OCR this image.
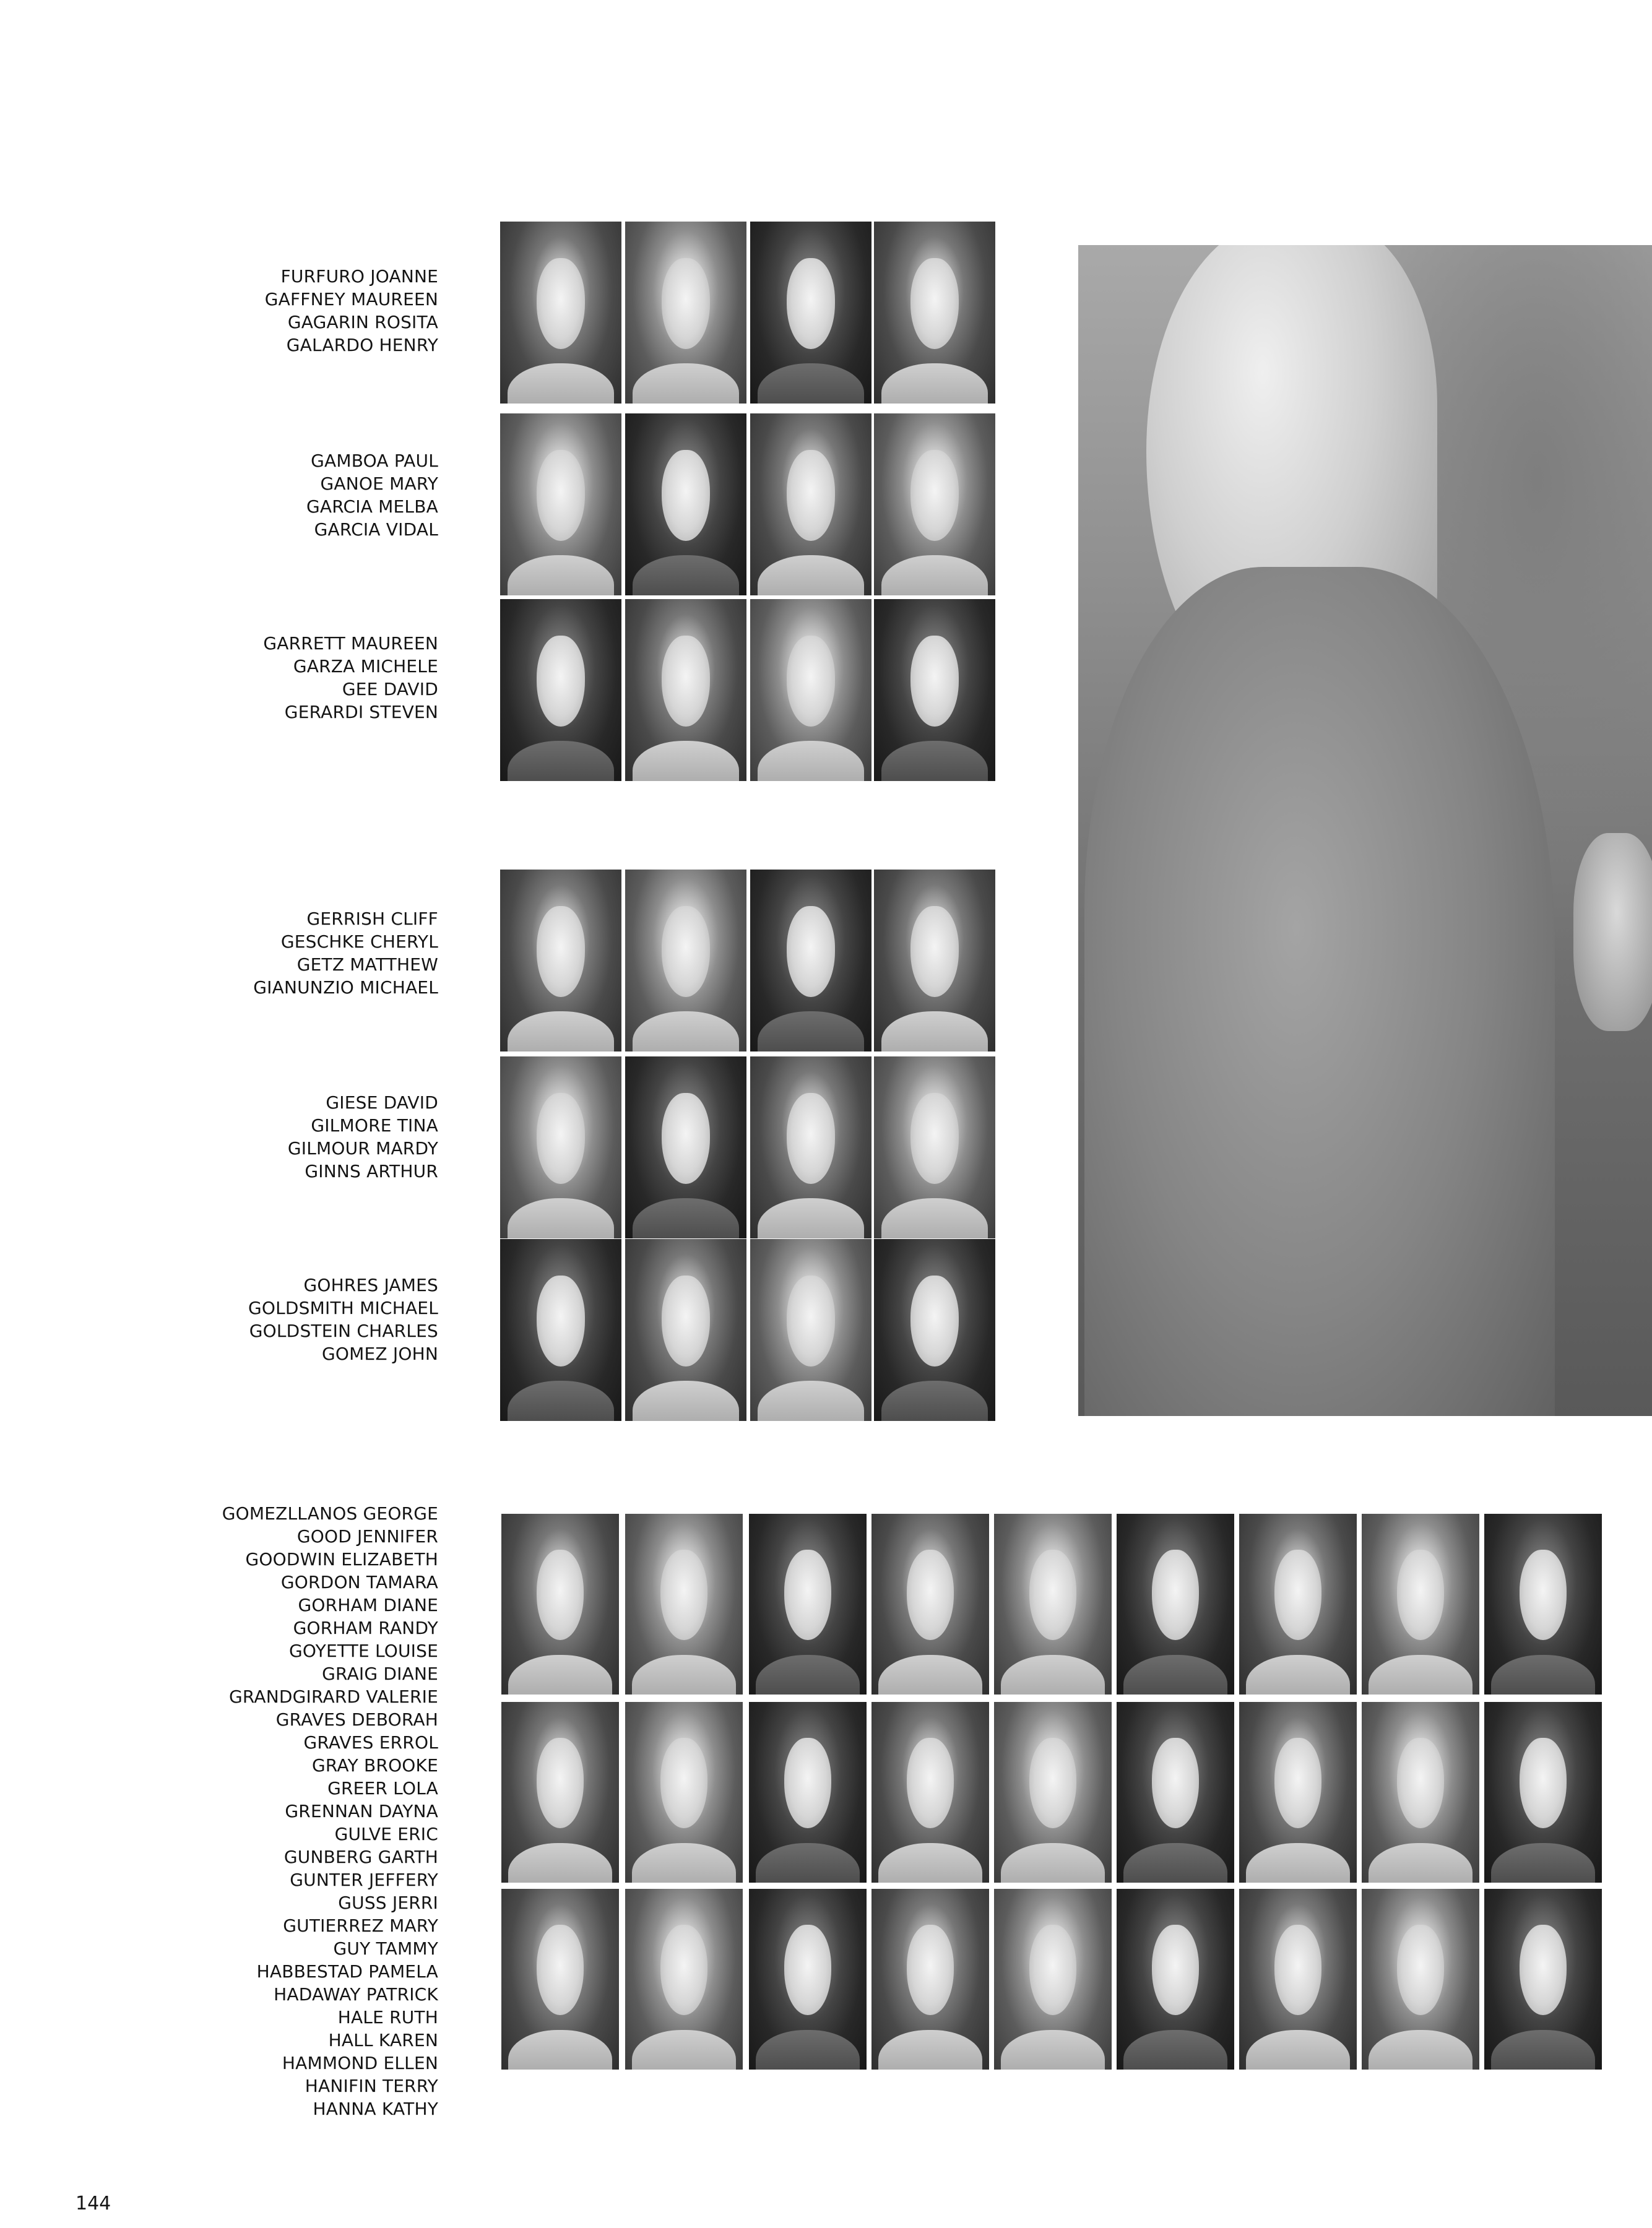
FURFURO JOANNE
GAFFNEY MAUREEN
GAGARIN ROSITA
GALARDO HENRY
GAMBOA PAUL
GANOE MARY
GARCIA MELBA
GARCIA VIDAL
GARRETT MAUREEN
GARZA MICHELE
GEE DAVID
GERARDI STEVEN
GERRISH CLIFF
GESCHKE CHERYL
GETZ MATTHEW
GIANUNZIO MICHAEL
GIESE DAVID
GILMORE TINA
GILMOUR MARDY
GINNS ARTHUR
GOHRES JAMES
GOLDSMITH MICHAEL
GOLDSTEIN CHARLES
GOMEZ JOHN
GOMEZLLANOS GEORGE
GOOD JENNIFER
GOODWIN ELIZABETH
GORDON TAMARA
GORHAM DIANE
GORHAM RANDY
GOYETTE LOUISE
GRAIG DIANE
GRANDGIRARD VALERIE
GRAVES DEBORAH
GRAVES ERROL
GRAY BROOKE
GREER LOLA
GRENNAN DAYNA
GULVE ERIC
GUNBERG GARTH
GUNTER JEFFERY
GUSS JERRI
GUTIERREZ MARY
GUY TAMMY
HABBESTAD PAMELA
HADAWAY PATRICK
HALE RUTH
HALL KAREN
HAMMOND ELLEN
HANIFIN TERRY
HANNA KATHY
144
